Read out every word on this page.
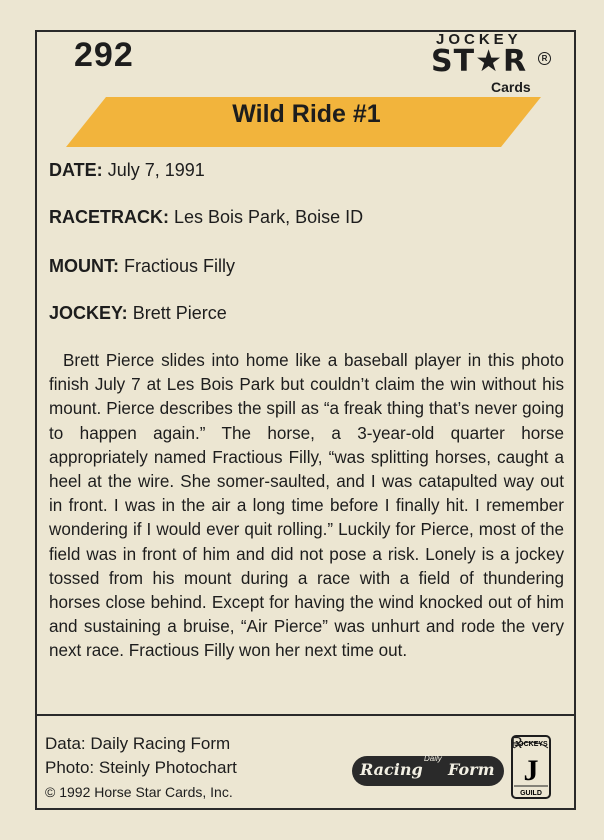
292	JOCKEY
ST★R	R
Cards
Wild Ride #1
DATE: July 7, 1991
RACETRACK: Les Bois Park, Boise ID
MOUNT: Fractious Filly
JOCKEY: Brett Pierce
Brett Pierce slides into home like a baseball player in this photo finish July 7 at Les Bois Park but couldn’t claim the win without his mount. Pierce describes the spill as “a freak thing that’s never going to happen again.” The horse, a 3-year-old quarter horse appropriately named Fractious Filly, “was splitting horses, caught a heel at the wire. She somer-saulted, and I was catapulted way out in front. I was in the air a long time before I finally hit. I remember wondering if I would ever quit rolling.” Luckily for Pierce, most of the field was in front of him and did not pose a risk. Lonely is a jockey tossed from his mount during a race with a field of thundering horses close behind. Except for having the wind knocked out of him and sustaining a bruise, “Air Pierce” was unhurt and rode the very next race. Fractious Filly won her next time out.
Data: Daily Racing Form
Photo: Steinly Photochart
© 1992 Horse Star Cards, Inc.
Racing
Daily
Form
JOCKEYS
J
GUILD
R
